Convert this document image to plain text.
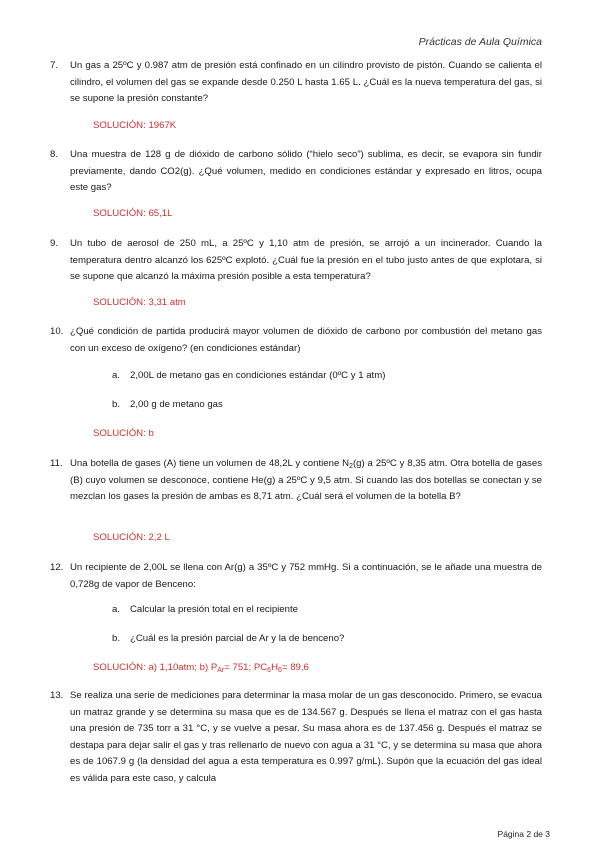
Prácticas de Aula Química
7. Un gas a 25ºC y 0.987 atm de presión está confinado en un cilindro provisto de pistón. Cuando se calienta el cilindro, el volumen del gas se expande desde 0.250 L hasta 1.65 L. ¿Cuál es la nueva temperatura del gas, si se supone la presión constante?
SOLUCIÓN: 1967K
8. Una muestra de 128 g de dióxido de carbono sólido (“hielo seco”) sublima, es decir, se evapora sin fundir previamente, dando CO2(g). ¿Qué volumen, medido en condiciones estándar y expresado en litros, ocupa este gas?
SOLUCIÓN: 65,1L
9. Un tubo de aerosol de 250 mL, a 25ºC y 1,10 atm de presión, se arrojó a un incinerador. Cuando la temperatura dentro alcanzó los 625ºC explotó. ¿Cuál fue la presión en el tubo justo antes de que explotara, si se supone que alcanzó la máxima presión posible a esta temperatura?
SOLUCIÓN: 3,31 atm
10. ¿Qué condición de partida producirá mayor volumen de dióxido de carbono por combustión del metano gas con un exceso de oxígeno? (en condiciones estándar)
a. 2,00L de metano gas en condiciones estándar (0ºC y 1 atm)
b. 2,00 g de metano gas
SOLUCIÓN: b
11. Una botella de gases (A) tiene un volumen de 48,2L y contiene $N_2(g)$ a 25ºC y 8,35 atm. Otra botella de gases (B) cuyo volumen se desconoce, contiene He(g) a 25ºC y 9,5 atm. Si cuando las dos botellas se conectan y se mezclan los gases la presión de ambas es 8,71 atm. ¿Cuál será el volumen de la botella B?
SOLUCIÓN: 2,2 L
12. Un recipiente de 2,00L se llena con Ar(g) a 35ºC y 752 mmHg. Si a continuación, se le añade una muestra de 0,728g de vapor de Benceno:
a. Calcular la presión total en el recipiente
b. ¿Cuál es la presión parcial de Ar y la de benceno?
SOLUCIÓN: a) 1,10atm; b) $P_{Ar}= 751$; $PC_6H_6= 89,6$
13. Se realiza una serie de mediciones para determinar la masa molar de un gas desconocido. Primero, se evacua un matraz grande y se determina su masa que es de 134.567 g. Después se llena el matraz con el gas hasta una presión de 735 torr a 31 °C, y se vuelve a pesar. Su masa ahora es de 137.456 g. Después el matraz se destapa para dejar salir el gas y tras rellenarlo de nuevo con agua a 31 °C, y se determina su masa que ahora es de 1067.9 g (la densidad del agua a esta temperatura es 0.997 g/mL). Supón que la ecuación del gas ideal es válida para este caso, y calcula
Página 2 de 3
